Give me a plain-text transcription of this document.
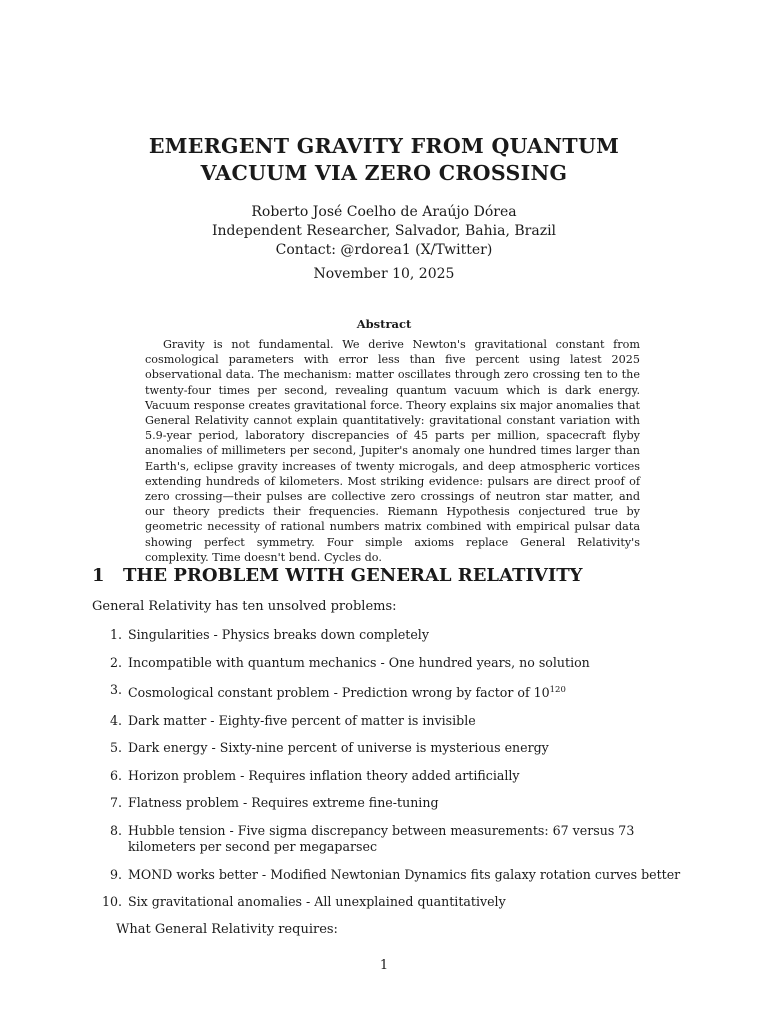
EMERGENT GRAVITY FROM QUANTUM
VACUUM VIA ZERO CROSSING
Roberto José Coelho de Araújo Dórea
Independent Researcher, Salvador, Bahia, Brazil
Contact: @rdorea1 (X/Twitter)
November 10, 2025
Abstract

Gravity is not fundamental. We derive Newton's gravitational constant from cosmological parameters with error less than five percent using latest 2025 observational data. The mechanism: matter oscillates through zero crossing ten to the twenty-four times per second, revealing quantum vacuum which is dark energy. Vacuum response creates gravitational force. Theory explains six major anomalies that General Relativity cannot explain quantitatively: gravitational constant variation with 5.9-year period, laboratory discrepancies of 45 parts per million, spacecraft flyby anomalies of millimeters per second, Jupiter's anomaly one hundred times larger than Earth's, eclipse gravity increases of twenty microgals, and deep atmospheric vortices extending hundreds of kilometers. Most striking evidence: pulsars are direct proof of zero crossing—their pulses are collective zero crossings of neutron star matter, and our theory predicts their frequencies. Riemann Hypothesis conjectured true by geometric necessity of rational numbers matrix combined with empirical pulsar data showing perfect symmetry. Four simple axioms replace General Relativity's complexity. Time doesn't bend. Cycles do.

1 THE PROBLEM WITH GENERAL RELATIVITY

General Relativity has ten unsolved problems:

1. Singularities - Physics breaks down completely
2. Incompatible with quantum mechanics - One hundred years, no solution
3. Cosmological constant problem - Prediction wrong by factor of $10^{120}$
4. Dark matter - Eighty-five percent of matter is invisible
5. Dark energy - Sixty-nine percent of universe is mysterious energy
6. Horizon problem - Requires inflation theory added artificially
7. Flatness problem - Requires extreme fine-tuning
8. Hubble tension - Five sigma discrepancy between measurements: 67 versus 73 kilometers per second per megaparsec
9. MOND works better - Modified Newtonian Dynamics fits galaxy rotation curves better
10. Six gravitational anomalies - All unexplained quantitatively

What General Relativity requires:

1
